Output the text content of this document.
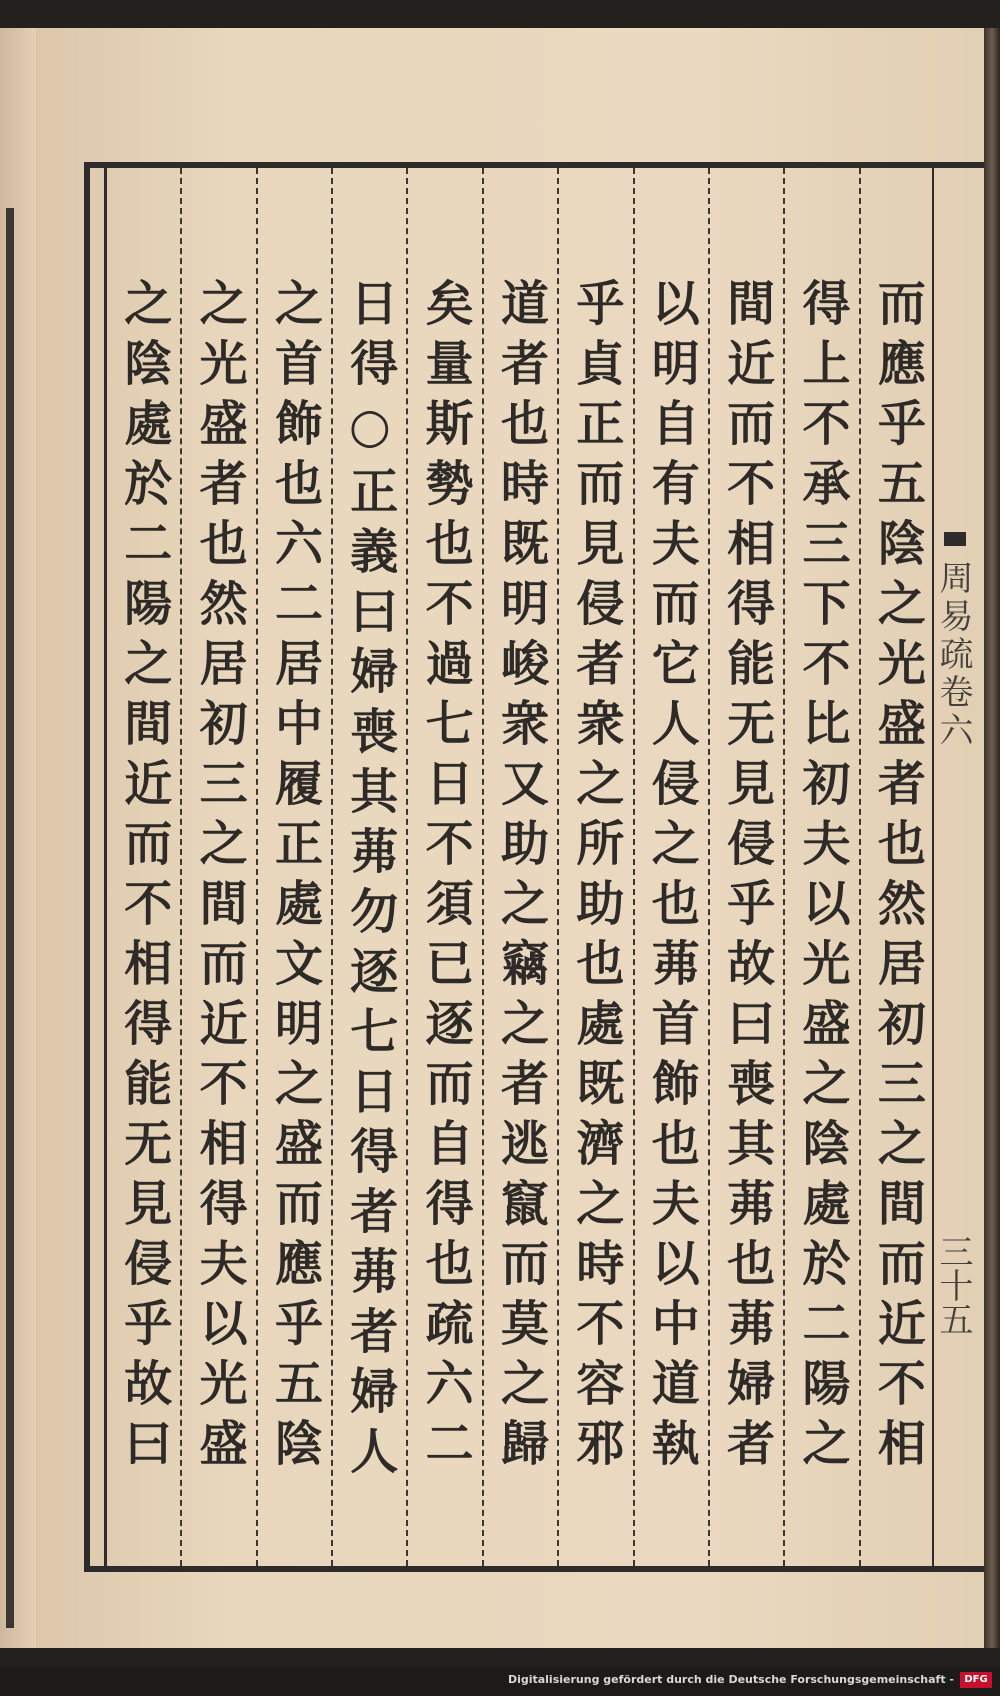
而應乎五陰之光盛者也然居初三之間而近不相
得上不承三下不比初夫以光盛之陰處於二陽之
間近而不相得能无見侵乎故曰喪其茀也茀婦者
以明自有夫而它人侵之也茀首飾也夫以中道執
乎貞正而見侵者衆之所助也處既濟之時不容邪
道者也時既明峻衆又助之竊之者逃竄而莫之歸
矣量斯勢也不過七日不須已逐而自得也疏六二
日得○正義曰婦喪其茀勿逐七日得者茀者婦人
之首飾也六二居中履正處文明之盛而應乎五陰
之光盛者也然居初三之間而近不相得夫以光盛
之陰處於二陽之間近而不相得能无見侵乎故曰	周易疏卷六
三十五
Digitalisierung gefördert durch die Deutsche Forschungsgemeinschaft -	DFG
